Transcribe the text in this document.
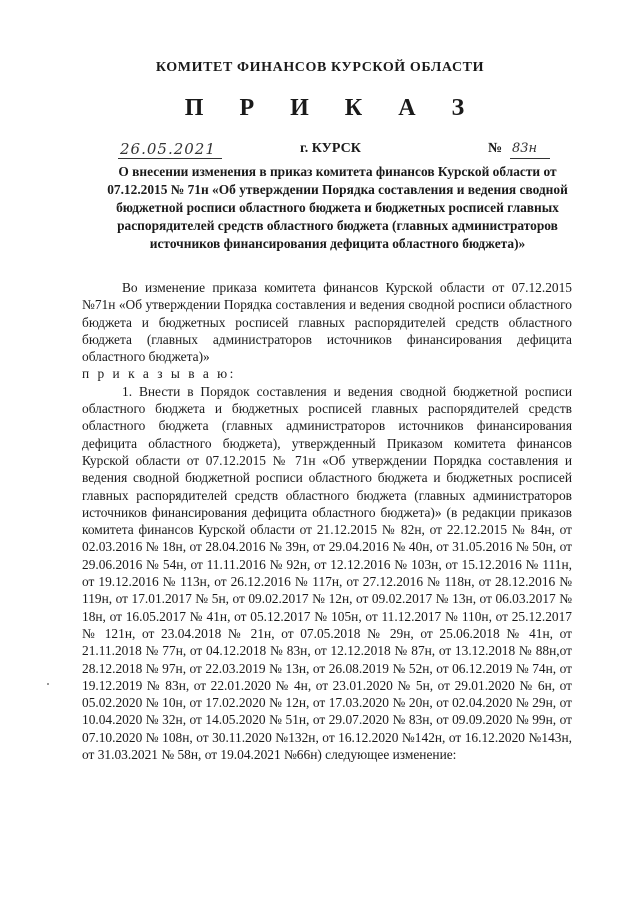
КОМИТЕТ ФИНАНСОВ КУРСКОЙ ОБЛАСТИ
П Р И К А З
26.05.2021	г. КУРСК	№ 83н
О внесении изменения в приказ комитета финансов Курской области от 07.12.2015 № 71н «Об утверждении Порядка составления и ведения сводной бюджетной росписи областного бюджета и бюджетных росписей главных распорядителей средств областного бюджета (главных администраторов источников финансирования дефицита областного бюджета)»

Во изменение приказа комитета финансов Курской области от 07.12.2015 №71н «Об утверждении Порядка составления и ведения сводной росписи областного бюджета и бюджетных росписей главных распорядителей средств областного бюджета (главных администраторов источников финансирования дефицита областного бюджета)»

п р и к а з ы в а ю:

1. Внести в Порядок составления и ведения сводной бюджетной росписи областного бюджета и бюджетных росписей главных распорядителей средств областного бюджета (главных администраторов источников финансирования дефицита областного бюджета), утвержденный Приказом комитета финансов Курской области от 07.12.2015 № 71н «Об утверждении Порядка составления и ведения сводной бюджетной росписи областного бюджета и бюджетных росписей главных распорядителей средств областного бюджета (главных администраторов источников финансирования дефицита областного бюджета)» (в редакции приказов комитета финансов Курской области от 21.12.2015 № 82н, от 22.12.2015 № 84н, от 02.03.2016 № 18н, от 28.04.2016 № 39н, от 29.04.2016 № 40н, от 31.05.2016 № 50н, от 29.06.2016 № 54н, от 11.11.2016 № 92н, от 12.12.2016 № 103н, от 15.12.2016 № 111н, от 19.12.2016 № 113н, от 26.12.2016 № 117н, от 27.12.2016 № 118н, от 28.12.2016 № 119н, от 17.01.2017 № 5н, от 09.02.2017 № 12н, от 09.02.2017 № 13н, от 06.03.2017 № 18н, от 16.05.2017 № 41н, от 05.12.2017 № 105н, от 11.12.2017 № 110н, от 25.12.2017 № 121н, от 23.04.2018 № 21н, от 07.05.2018 № 29н, от 25.06.2018 № 41н, от 21.11.2018 № 77н, от 04.12.2018 № 83н, от 12.12.2018 № 87н, от 13.12.2018 № 88н,от 28.12.2018 № 97н, от 22.03.2019 № 13н, от 26.08.2019 № 52н, от 06.12.2019 № 74н, от 19.12.2019 № 83н, от 22.01.2020 № 4н, от 23.01.2020 № 5н, от 29.01.2020 № 6н, от 05.02.2020 № 10н, от 17.02.2020 № 12н, от 17.03.2020 № 20н, от 02.04.2020 № 29н, от 10.04.2020 № 32н, от 14.05.2020 № 51н, от 29.07.2020 № 83н, от 09.09.2020 № 99н, от 07.10.2020 № 108н, от 30.11.2020 №132н, от 16.12.2020 №142н, от 16.12.2020 №143н, от 31.03.2021 № 58н, от 19.04.2021 №66н) следующее изменение:
